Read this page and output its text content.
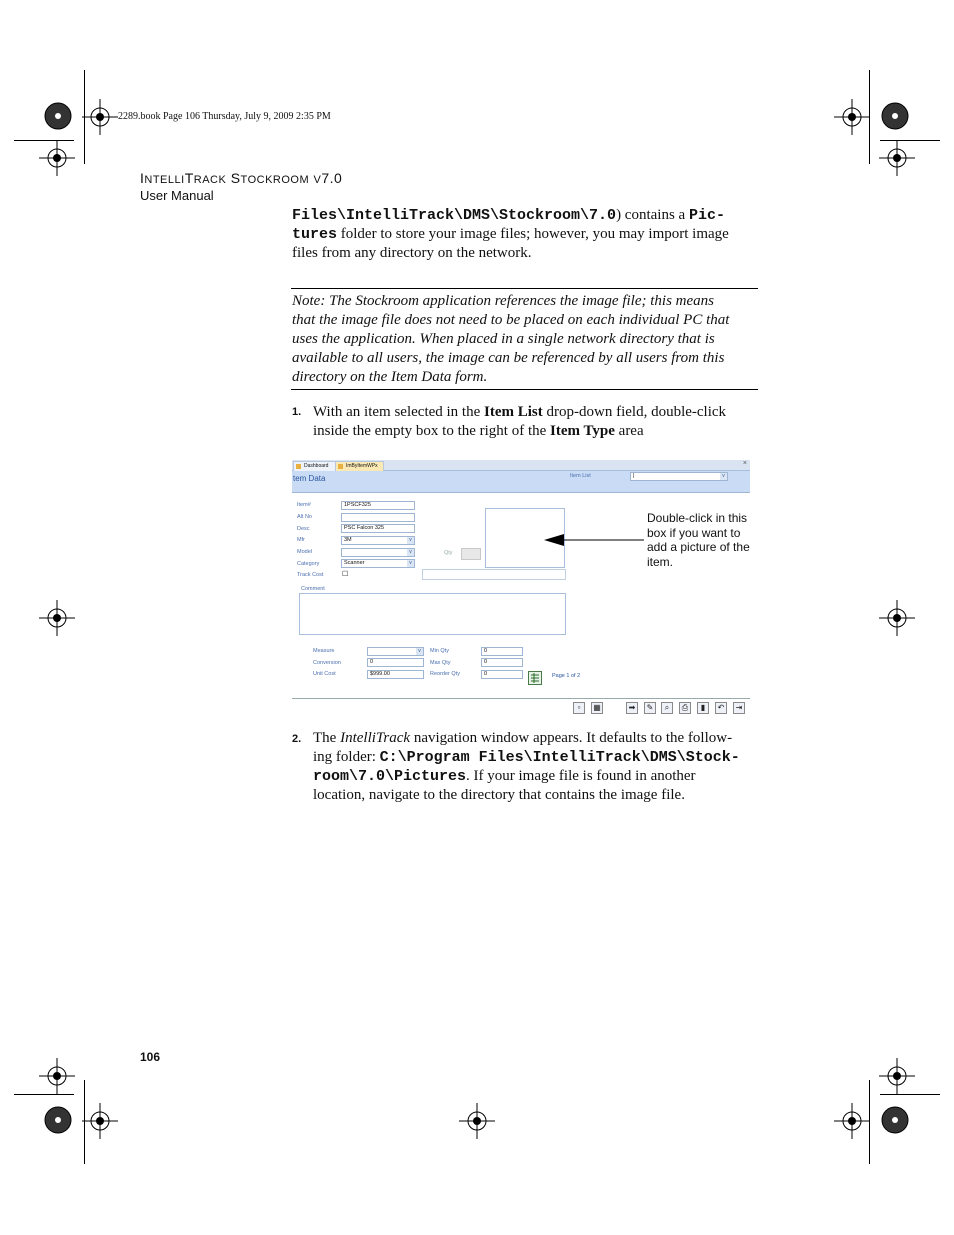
2289.book Page 106 Thursday, July 9, 2009 2:35 PM
INTELLITRACK STOCKROOM V7.0
User Manual
Files\IntelliTrack\DMS\Stockroom\7.0) contains a Pic-
tures folder to store your image files; however, you may import image
files from any directory on the network.
Note: The Stockroom application references the image file; this means
that the image file does not need to be placed on each individual PC that
uses the application. When placed in a single network directory that is
available to all users, the image can be referenced by all users from this
directory on the Item Data form.
1. With an item selected in the Item List drop-down field, double-click
inside the empty box to the right of the Item Type area
Dashboard	ImByItemWPx	×
tem Data	Item List	|	v
Item#
Alt No
Desc
Mfr
Model
Category
Track Cost
1PSCF325
PSC Falcon 325
3M	v
v
Scanner	v
☐
Qty
Comment
Measure
Conversion
Unit Cost
v
0
$999.00
Min Qty
Max Qty
Reorder Qty
0
0
0	Page 1 of 2
▫	▦	➡	✎	⌕	⎙	▮	↶	⇥
Double-click in this
box if you want to
add a picture of the
item.
2. The IntelliTrack navigation window appears. It defaults to the follow-
ing folder: C:\Program Files\IntelliTrack\DMS\Stock-
room\7.0\Pictures. If your image file is found in another
location, navigate to the directory that contains the image file.
106
